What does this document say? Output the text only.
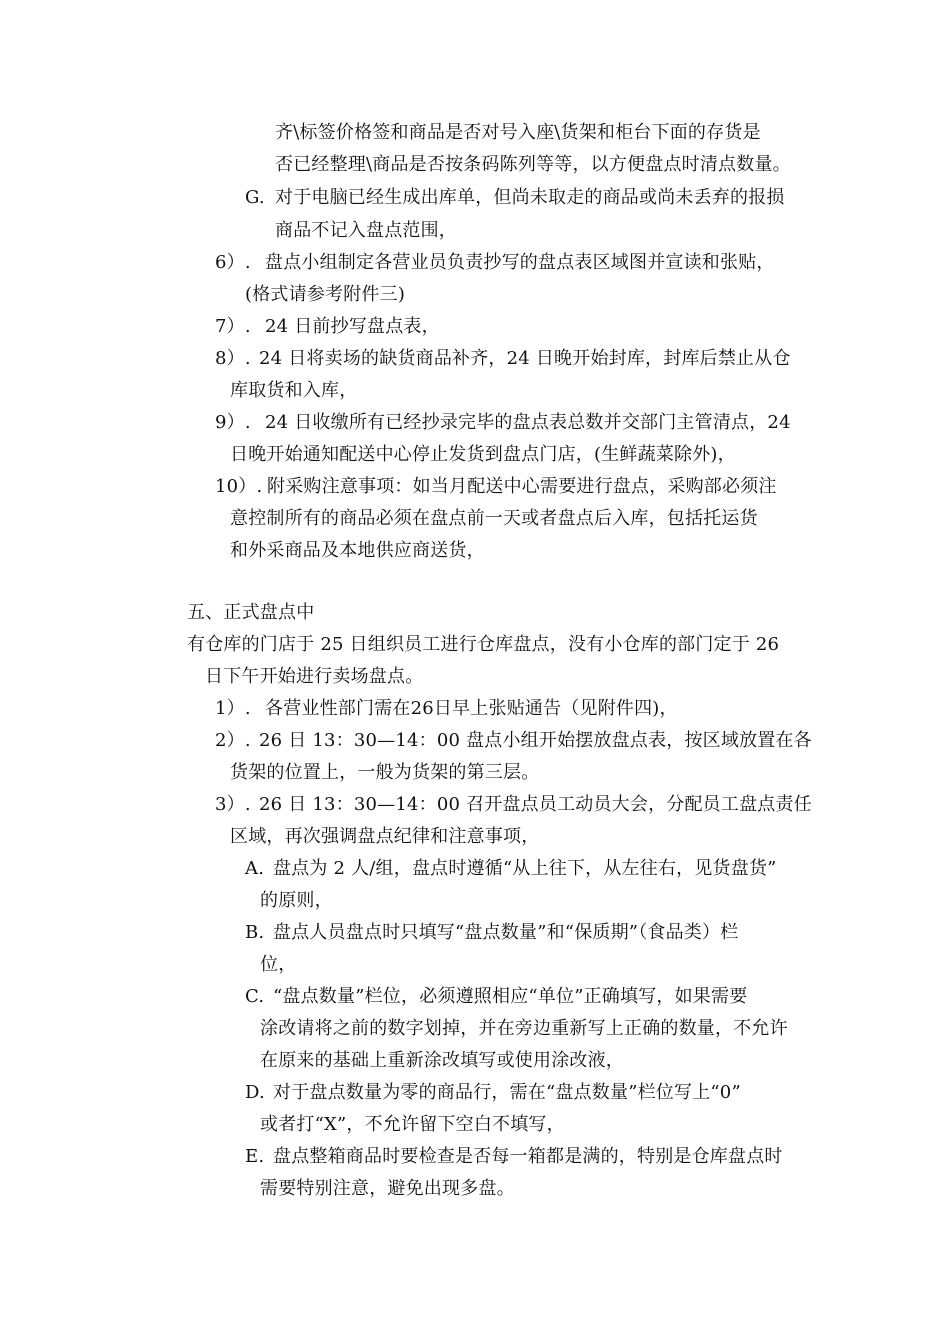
齐\标签价格签和商品是否对号入座\货架和柜台下面的存货是
否已经整理\商品是否按条码陈列等等，以方便盘点时清点数量。
G. 对于电脑已经生成出库单，但尚未取走的商品或尚未丢弃的报损
商品不记入盘点范围，
6）. 盘点小组制定各营业员负责抄写的盘点表区域图并宣读和张贴，
(格式请参考附件三)
7）. 24 日前抄写盘点表，
8）. 24 日将卖场的缺货商品补齐，24 日晚开始封库，封库后禁止从仓
库取货和入库，
9）. 24 日收缴所有已经抄录完毕的盘点表总数并交部门主管清点，24
日晚开始通知配送中心停止发货到盘点门店，(生鲜蔬菜除外)，
10）. 附采购注意事项：如当月配送中心需要进行盘点，采购部必须注
意控制所有的商品必须在盘点前一天或者盘点后入库，包括托运货
和外采商品及本地供应商送货，
五、正式盘点中
有仓库的门店于 25 日组织员工进行仓库盘点，没有小仓库的部门定于 26
日下午开始进行卖场盘点。
1）. 各营业性部门需在26日早上张贴通告（见附件四)，
2）. 26 日 13：30—14：00 盘点小组开始摆放盘点表，按区域放置在各
货架的位置上，一般为货架的第三层。
3）. 26 日 13：30—14：00 召开盘点员工动员大会，分配员工盘点责任
区域，再次强调盘点纪律和注意事项，
A. 盘点为 2 人/组，盘点时遵循“从上往下，从左往右，见货盘货”
的原则，
B. 盘点人员盘点时只填写“盘点数量”和“保质期”（食品类）栏
位，
C. “盘点数量”栏位，必须遵照相应“单位”正确填写，如果需要
涂改请将之前的数字划掉，并在旁边重新写上正确的数量，不允许
在原来的基础上重新涂改填写或使用涂改液，
D. 对于盘点数量为零的商品行，需在“盘点数量”栏位写上“0”
或者打“X”，不允许留下空白不填写，
E. 盘点整箱商品时要检查是否每一箱都是满的，特别是仓库盘点时
需要特别注意，避免出现多盘。
